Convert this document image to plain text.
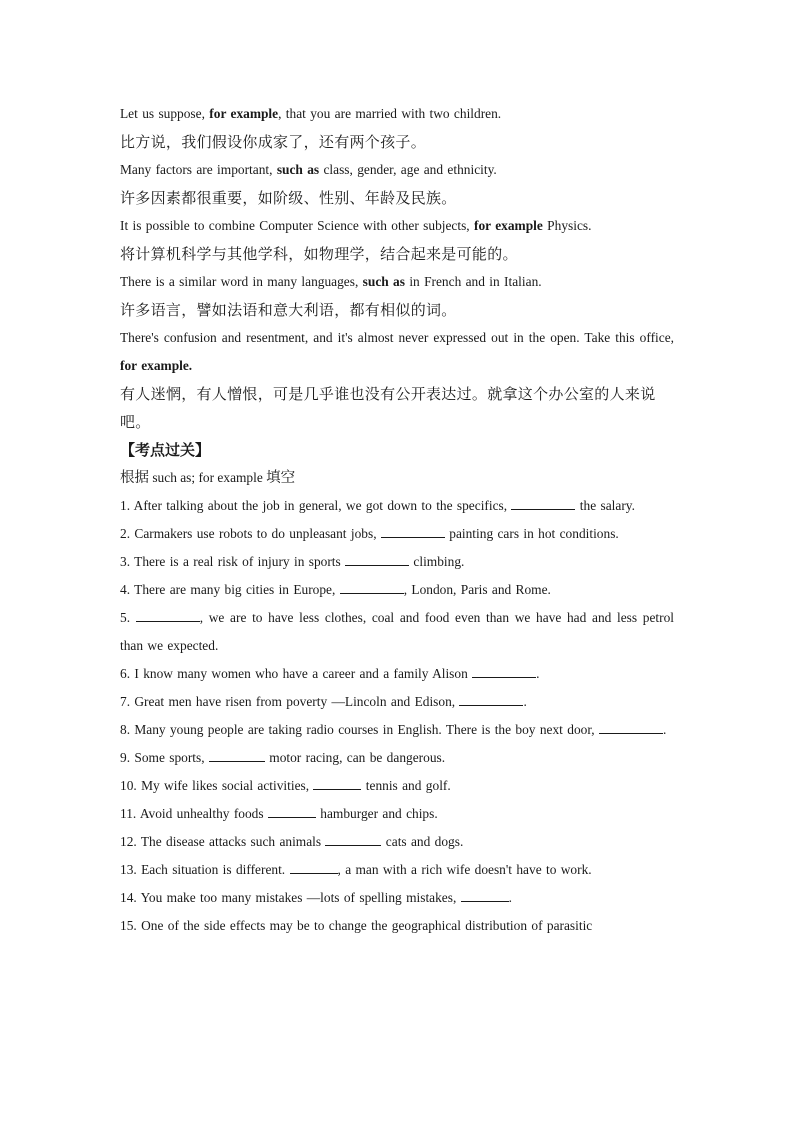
Let us suppose, for example, that you are married with two children.

比方说，我们假设你成家了，还有两个孩子。

Many factors are important, such as class, gender, age and ethnicity.

许多因素都很重要，如阶级、性别、年龄及民族。

It is possible to combine Computer Science with other subjects, for example Physics.

将计算机科学与其他学科，如物理学，结合起来是可能的。

There is a similar word in many languages, such as in French and in Italian.

许多语言，譬如法语和意大利语，都有相似的词。

There's confusion and resentment, and it's almost never expressed out in the open. Take this office, for example.

有人迷惘，有人憎恨，可是几乎谁也没有公开表达过。就拿这个办公室的人来说吧。

【考点过关】

根据 such as; for example 填空

1. After talking about the job in general, we got down to the specifics,	the salary.

2. Carmakers use robots to do unpleasant jobs,	painting cars in hot conditions.

3. There is a real risk of injury in sports	climbing.

4. There are many big cities in Europe,	, London, Paris and Rome.

5.	, we are to have less clothes, coal and food even than we have had and less petrol than we expected.

6. I know many women who have a career and a family Alison	.

7. Great men have risen from poverty —Lincoln and Edison,	.

8. Many young people are taking radio courses in English. There is the boy next door,	.

9. Some sports,	motor racing, can be dangerous.

10. My wife likes social activities,	tennis and golf.

11. Avoid unhealthy foods	hamburger and chips.

12. The disease attacks such animals	cats and dogs.

13. Each situation is different.	, a man with a rich wife doesn't have to work.

14. You make too many mistakes —lots of spelling mistakes,	.

15. One of the side effects may be to change the geographical distribution of parasitic
